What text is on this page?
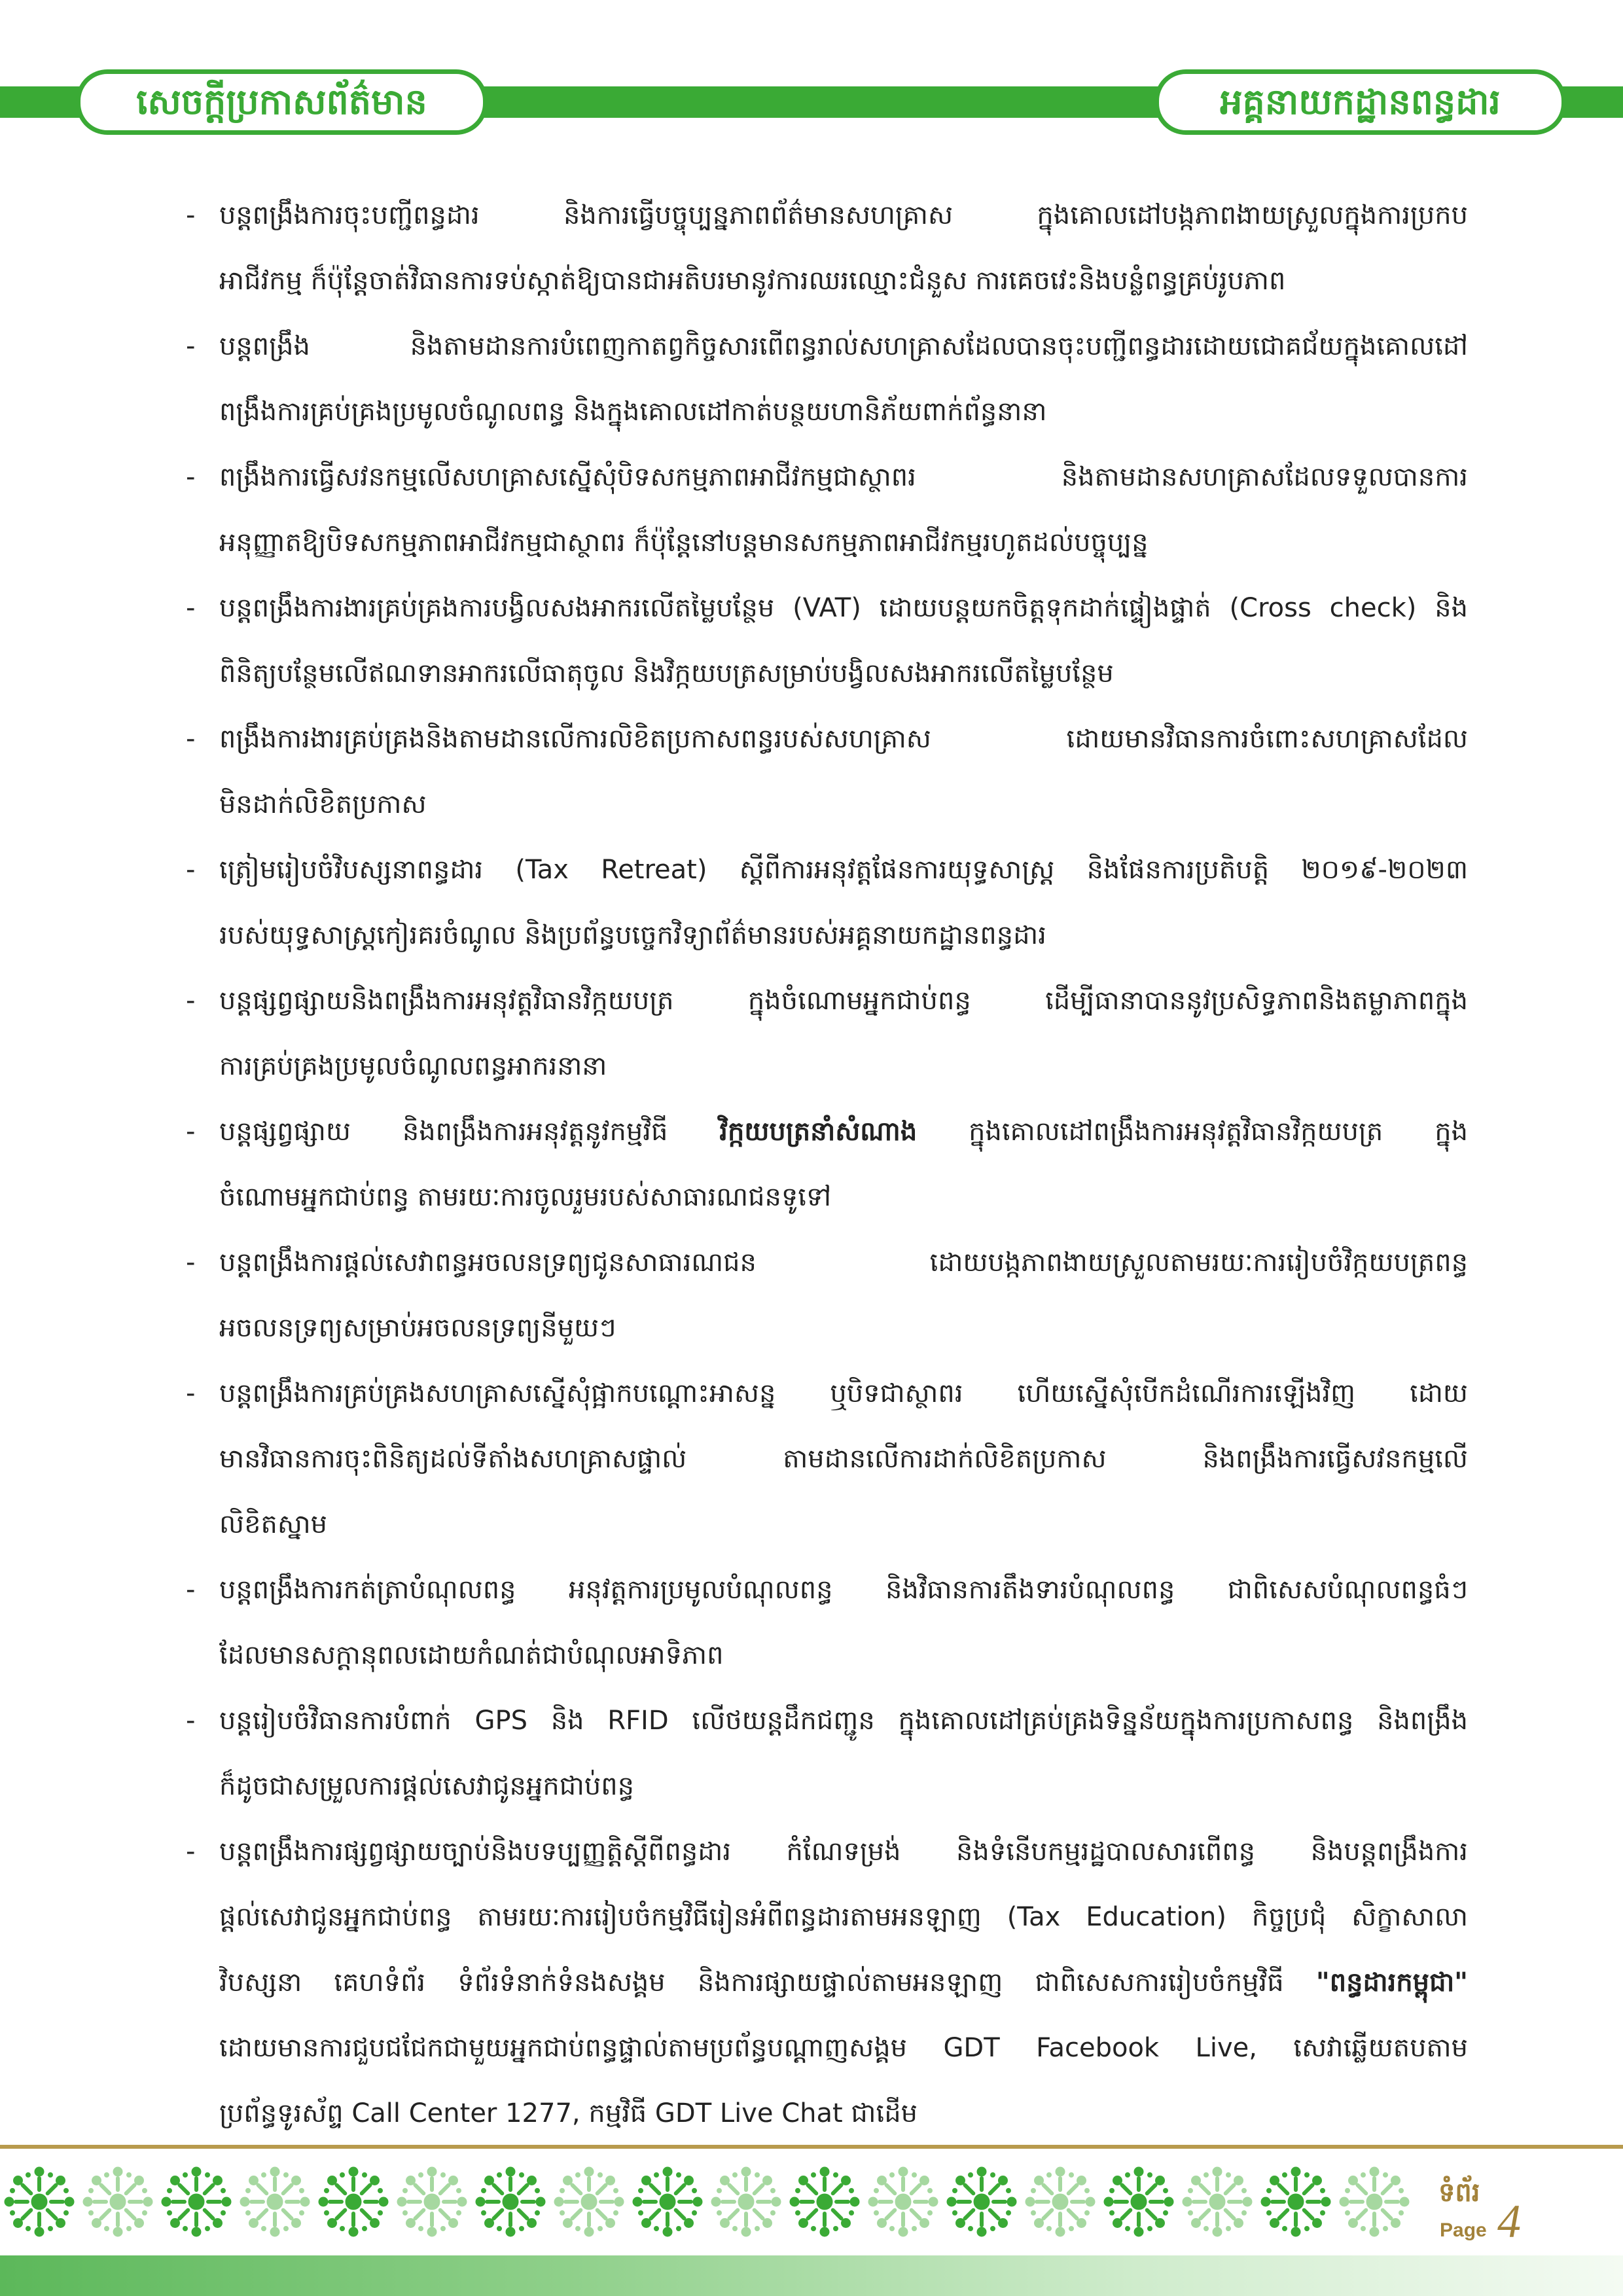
សេចក្តីប្រកាសព័ត៌មាន	អគ្គនាយកដ្ឋានពន្ធដារ
- បន្តពង្រឹងការចុះបញ្ជីពន្ធដារ និងការធ្វើបច្ចុប្បន្នភាពព័ត៌មានសហគ្រាស ក្នុងគោលដៅបង្កភាពងាយស្រួលក្នុងការប្រកប
អាជីវកម្ម ក៏ប៉ុន្តែចាត់វិធានការទប់ស្កាត់ឱ្យបានជាអតិបរមានូវការឈរឈ្មោះជំនួស ការគេចវេះនិងបន្លំពន្ធគ្រប់រូបភាព
- បន្តពង្រឹង និងតាមដានការបំពេញកាតព្វកិច្ចសារពើពន្ធរាល់សហគ្រាសដែលបានចុះបញ្ជីពន្ធដារដោយជោគជ័យក្នុងគោលដៅ
ពង្រឹងការគ្រប់គ្រងប្រមូលចំណូលពន្ធ និងក្នុងគោលដៅកាត់បន្ថយហានិភ័យពាក់ព័ន្ធនានា
- ពង្រឹងការធ្វើសវនកម្មលើសហគ្រាសស្នើសុំបិទសកម្មភាពអាជីវកម្មជាស្ថាពរ និងតាមដានសហគ្រាសដែលទទួលបានការ
អនុញ្ញាតឱ្យបិទសកម្មភាពអាជីវកម្មជាស្ថាពរ ក៏ប៉ុន្តែនៅបន្តមានសកម្មភាពអាជីវកម្មរហូតដល់បច្ចុប្បន្ន
- បន្តពង្រឹងការងារគ្រប់គ្រងការបង្វិលសងអាករលើតម្លៃបន្ថែម (VAT) ដោយបន្តយកចិត្តទុកដាក់ផ្ទៀងផ្ទាត់ (Cross check) និង
ពិនិត្យបន្ថែមលើឥណទានអាករលើធាតុចូល និងវិក្កយបត្រសម្រាប់បង្វិលសងអាករលើតម្លៃបន្ថែម
- ពង្រឹងការងារគ្រប់គ្រងនិងតាមដានលើការលិខិតប្រកាសពន្ធរបស់សហគ្រាស ដោយមានវិធានការចំពោះសហគ្រាសដែល
មិនដាក់លិខិតប្រកាស
- ត្រៀមរៀបចំវិបស្សនាពន្ធដារ (Tax Retreat) ស្តីពីការអនុវត្តផែនការយុទ្ធសាស្ត្រ និងផែនការប្រតិបត្តិ ២០១៩-២០២៣
របស់យុទ្ធសាស្ត្រកៀរគរចំណូល និងប្រព័ន្ធបច្ចេកវិទ្យាព័ត៌មានរបស់អគ្គនាយកដ្ឋានពន្ធដារ
- បន្តផ្សព្វផ្សាយនិងពង្រឹងការអនុវត្តវិធានវិក្កយបត្រ ក្នុងចំណោមអ្នកជាប់ពន្ធ ដើម្បីធានាបាននូវប្រសិទ្ធភាពនិងតម្លាភាពក្នុង
ការគ្រប់គ្រងប្រមូលចំណូលពន្ធអាករនានា
- បន្តផ្សព្វផ្សាយ និងពង្រឹងការអនុវត្តនូវកម្មវិធី វិក្កយបត្រនាំសំណាង ក្នុងគោលដៅពង្រឹងការអនុវត្តវិធានវិក្កយបត្រ ក្នុង
ចំណោមអ្នកជាប់ពន្ធ តាមរយៈការចូលរួមរបស់សាធារណជនទូទៅ
- បន្តពង្រឹងការផ្តល់សេវាពន្ធអចលនទ្រព្យជូនសាធារណជន ដោយបង្កភាពងាយស្រួលតាមរយៈការរៀបចំវិក្កយបត្រពន្ធ
អចលនទ្រព្យសម្រាប់អចលនទ្រព្យនីមួយៗ
- បន្តពង្រឹងការគ្រប់គ្រងសហគ្រាសស្នើសុំផ្អាកបណ្តោះអាសន្ន ឬបិទជាស្ថាពរ ហើយស្នើសុំបើកដំណើរការឡើងវិញ ដោយ
មានវិធានការចុះពិនិត្យដល់ទីតាំងសហគ្រាសផ្ទាល់ តាមដានលើការដាក់លិខិតប្រកាស និងពង្រឹងការធ្វើសវនកម្មលើ
លិខិតស្នាម
- បន្តពង្រឹងការកត់ត្រាបំណុលពន្ធ អនុវត្តការប្រមូលបំណុលពន្ធ និងវិធានការតឹងទារបំណុលពន្ធ ជាពិសេសបំណុលពន្ធធំៗ
ដែលមានសក្តានុពលដោយកំណត់ជាបំណុលអាទិភាព
- បន្តរៀបចំវិធានការបំពាក់ GPS និង RFID លើថយន្តដឹកជញ្ជូន ក្នុងគោលដៅគ្រប់គ្រងទិន្នន័យក្នុងការប្រកាសពន្ធ និងពង្រឹង
ក៏ដូចជាសម្រួលការផ្តល់សេវាជូនអ្នកជាប់ពន្ធ
- បន្តពង្រឹងការផ្សព្វផ្សាយច្បាប់និងបទប្បញ្ញត្តិស្តីពីពន្ធដារ កំណែទម្រង់ និងទំនើបកម្មរដ្ឋបាលសារពើពន្ធ និងបន្តពង្រឹងការ
ផ្តល់សេវាជូនអ្នកជាប់ពន្ធ តាមរយៈការរៀបចំកម្មវិធីរៀនអំពីពន្ធដារតាមអនឡាញ (Tax Education) កិច្ចប្រជុំ សិក្ខាសាលា
វិបស្សនា គេហទំព័រ ទំព័រទំនាក់ទំនងសង្គម និងការផ្សាយផ្ទាល់តាមអនឡាញ ជាពិសេសការរៀបចំកម្មវិធី "ពន្ធដារកម្ពុជា"
ដោយមានការជួបជជែកជាមួយអ្នកជាប់ពន្ធផ្ទាល់តាមប្រព័ន្ធបណ្តាញសង្គម GDT Facebook Live, សេវាឆ្លើយតបតាម
ប្រព័ន្ធទូរស័ព្ទ Call Center 1277, កម្មវិធី GDT Live Chat ជាដើម
ទំព័រ
Page 4
